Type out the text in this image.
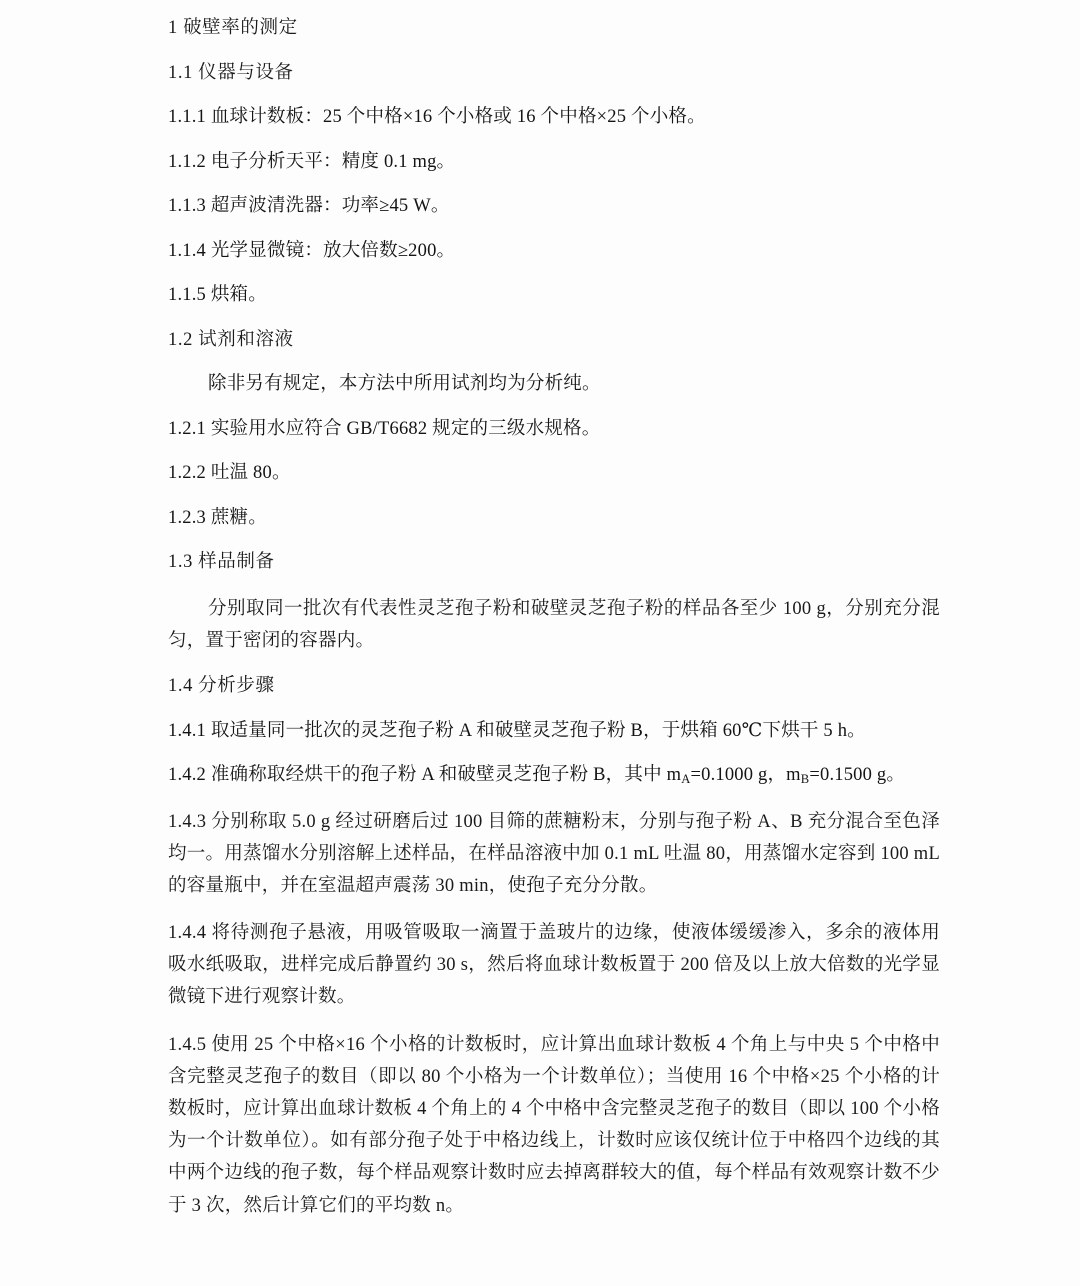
1 破壁率的测定

1.1 仪器与设备

1.1.1 血球计数板：25 个中格×16 个小格或 16 个中格×25 个小格。

1.1.2 电子分析天平：精度 0.1 mg。

1.1.3 超声波清洗器：功率≥45 W。

1.1.4 光学显微镜：放大倍数≥200。

1.1.5 烘箱。

1.2 试剂和溶液

除非另有规定，本方法中所用试剂均为分析纯。

1.2.1 实验用水应符合 GB/T6682 规定的三级水规格。

1.2.2 吐温 80。

1.2.3 蔗糖。

1.3 样品制备

分别取同一批次有代表性灵芝孢子粉和破壁灵芝孢子粉的样品各至少 100 g，分别充分混匀，置于密闭的容器内。

1.4 分析步骤

1.4.1 取适量同一批次的灵芝孢子粉 A 和破壁灵芝孢子粉 B，于烘箱 60℃下烘干 5 h。

1.4.2 准确称取经烘干的孢子粉 A 和破壁灵芝孢子粉 B，其中 $m_A=0.1000$ g，$m_B=0.1500$ g。

1.4.3 分别称取 5.0 g 经过研磨后过 100 目筛的蔗糖粉末，分别与孢子粉 A、B 充分混合至色泽均一。用蒸馏水分别溶解上述样品，在样品溶液中加 0.1 mL 吐温 80，用蒸馏水定容到 100 mL 的容量瓶中，并在室温超声震荡 30 min，使孢子充分分散。

1.4.4 将待测孢子悬液，用吸管吸取一滴置于盖玻片的边缘，使液体缓缓渗入，多余的液体用吸水纸吸取，进样完成后静置约 30 s，然后将血球计数板置于 200 倍及以上放大倍数的光学显微镜下进行观察计数。

1.4.5 使用 25 个中格×16 个小格的计数板时，应计算出血球计数板 4 个角上与中央 5 个中格中含完整灵芝孢子的数目（即以 80 个小格为一个计数单位）；当使用 16 个中格×25 个小格的计数板时，应计算出血球计数板 4 个角上的 4 个中格中含完整灵芝孢子的数目（即以 100 个小格为一个计数单位）。如有部分孢子处于中格边线上，计数时应该仅统计位于中格四个边线的其中两个边线的孢子数，每个样品观察计数时应去掉离群较大的值，每个样品有效观察计数不少于 3 次，然后计算它们的平均数 n。
